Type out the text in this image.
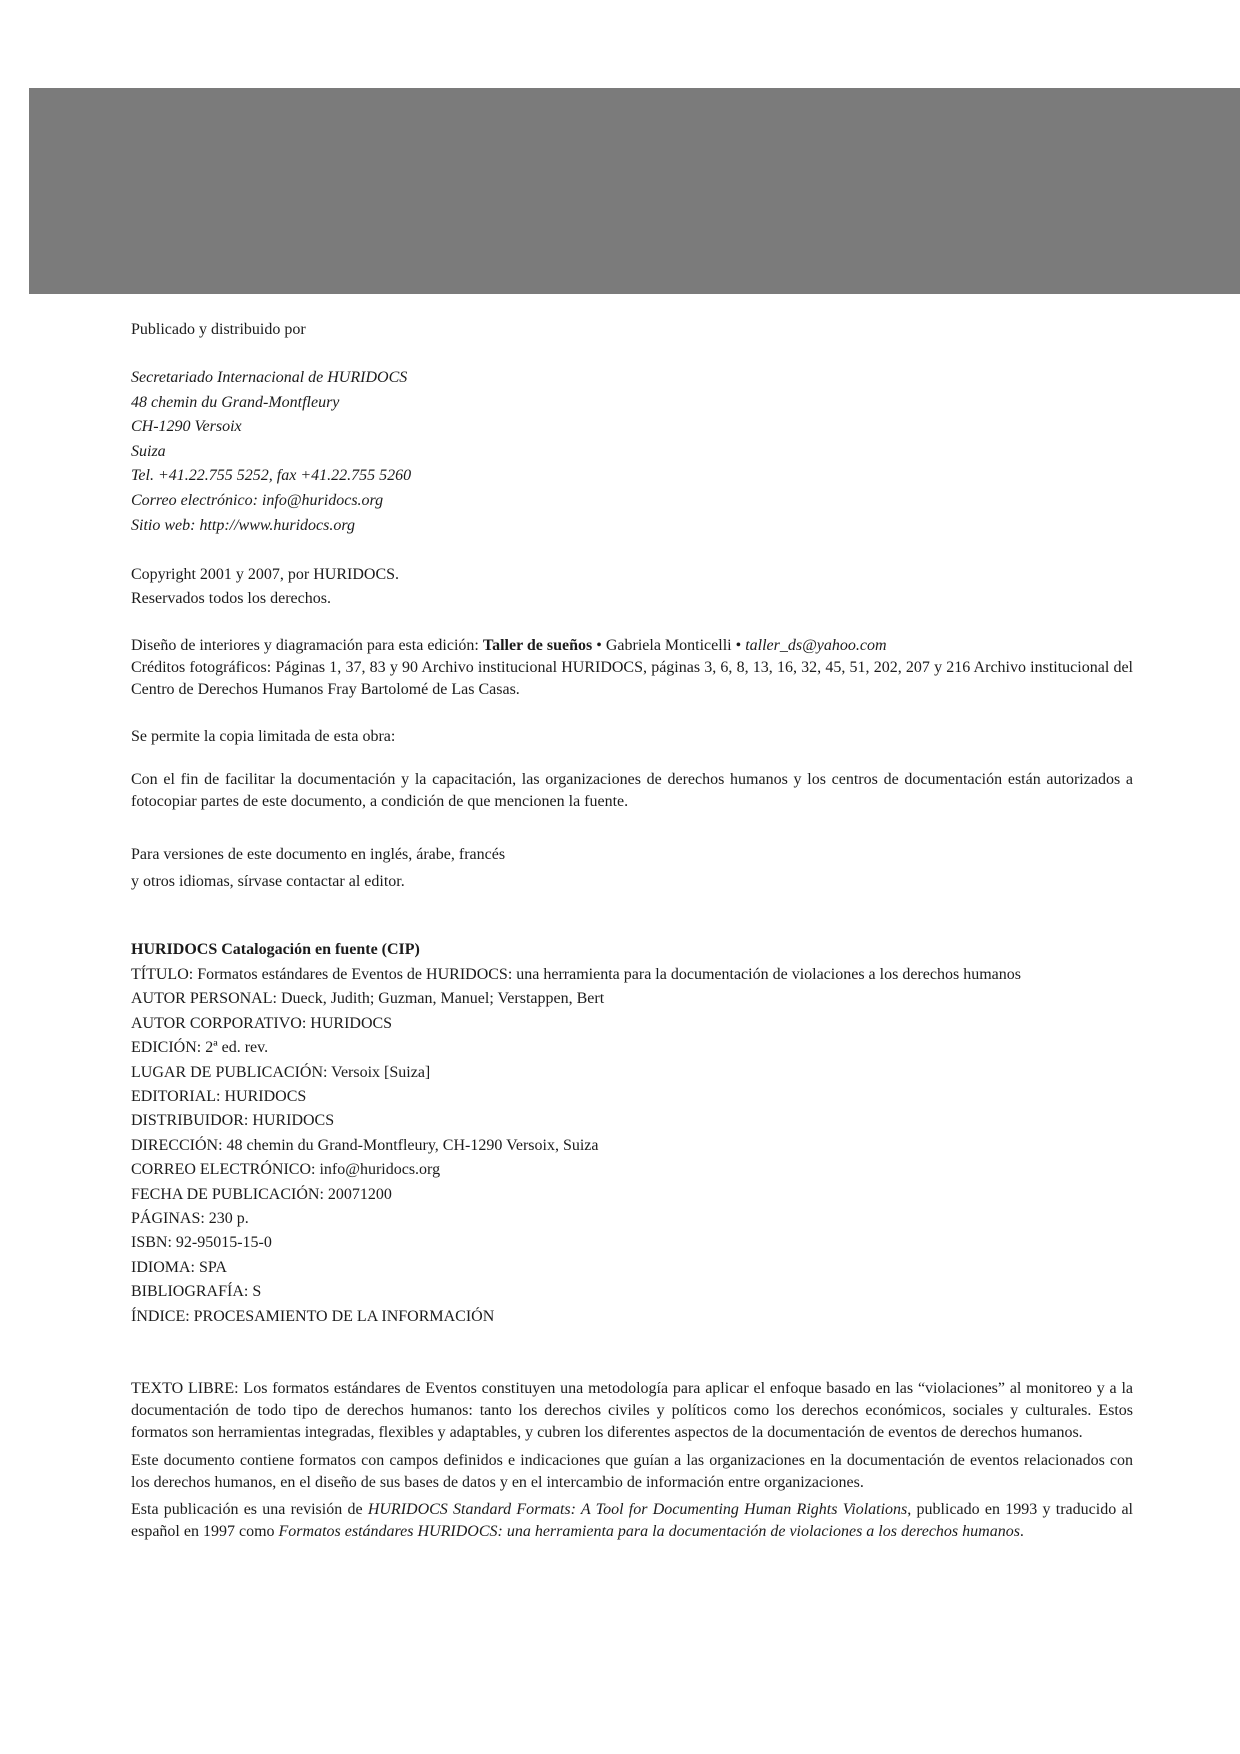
Publicado y distribuido por
Secretariado Internacional de HURIDOCS
48 chemin du Grand-Montfleury
CH-1290 Versoix
Suiza
Tel. +41.22.755 5252, fax +41.22.755 5260
Correo electrónico: info@huridocs.org
Sitio web: http://www.huridocs.org
Copyright 2001 y 2007, por HURIDOCS.
Reservados todos los derechos.
Diseño de interiores y diagramación para esta edición: Taller de sueños • Gabriela Monticelli • taller_ds@yahoo.com
Créditos fotográficos: Páginas 1, 37, 83 y 90 Archivo institucional HURIDOCS, páginas 3, 6, 8, 13, 16, 32, 45, 51, 202, 207 y 216 Archivo institucional del Centro de Derechos Humanos Fray Bartolomé de Las Casas.
Se permite la copia limitada de esta obra:
Con el fin de facilitar la documentación y la capacitación, las organizaciones de derechos humanos y los centros de documentación están autorizados a fotocopiar partes de este documento, a condición de que mencionen la fuente.
Para versiones de este documento en inglés, árabe, francés
y otros idiomas, sírvase contactar al editor.
HURIDOCS Catalogación en fuente (CIP)
TÍTULO: Formatos estándares de Eventos de HURIDOCS: una herramienta para la documentación de violaciones a los derechos humanos
AUTOR PERSONAL: Dueck, Judith; Guzman, Manuel; Verstappen, Bert
AUTOR CORPORATIVO: HURIDOCS
EDICIÓN: 2ª ed. rev.
LUGAR DE PUBLICACIÓN: Versoix [Suiza]
EDITORIAL: HURIDOCS
DISTRIBUIDOR: HURIDOCS
DIRECCIÓN: 48 chemin du Grand-Montfleury, CH-1290 Versoix, Suiza
CORREO ELECTRÓNICO: info@huridocs.org
FECHA DE PUBLICACIÓN: 20071200
PÁGINAS: 230 p.
ISBN: 92-95015-15-0
IDIOMA: SPA
BIBLIOGRAFÍA: S
ÍNDICE: PROCESAMIENTO DE LA INFORMACIÓN

TEXTO LIBRE: Los formatos estándares de Eventos constituyen una metodología para aplicar el enfoque basado en las “violaciones” al monitoreo y a la documentación de todo tipo de derechos humanos: tanto los derechos civiles y políticos como los derechos económicos, sociales y culturales. Estos formatos son herramientas integradas, flexibles y adaptables, y cubren los diferentes aspectos de la documentación de eventos de derechos humanos.

Este documento contiene formatos con campos definidos e indicaciones que guían a las organizaciones en la documentación de eventos relacionados con los derechos humanos, en el diseño de sus bases de datos y en el intercambio de información entre organizaciones.

Esta publicación es una revisión de HURIDOCS Standard Formats: A Tool for Documenting Human Rights Violations, publicado en 1993 y traducido al español en 1997 como Formatos estándares HURIDOCS: una herramienta para la documentación de violaciones a los derechos humanos.
